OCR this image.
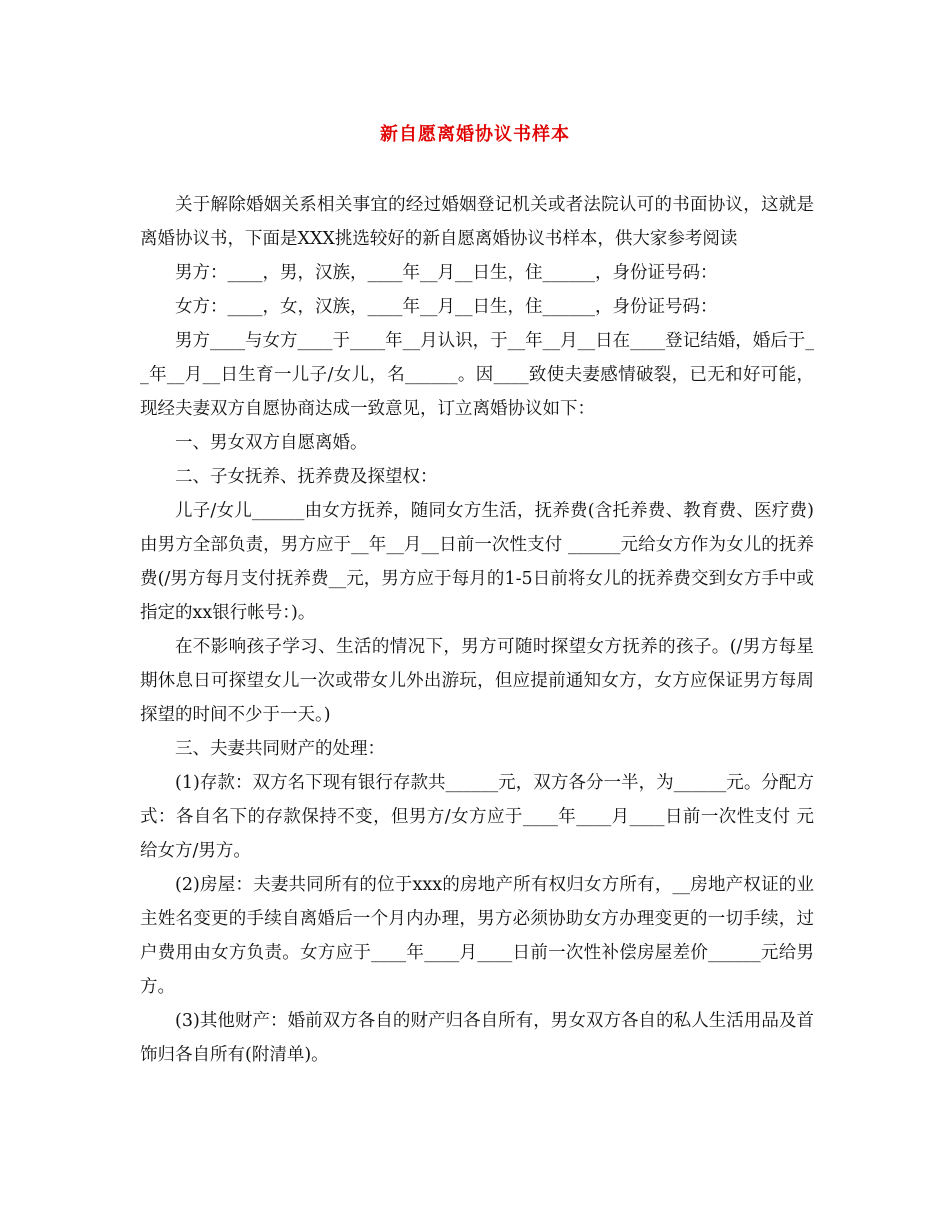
新自愿离婚协议书样本

关于解除婚姻关系相关事宜的经过婚姻登记机关或者法院认可的书面协议，这就是离婚协议书，下面是XXX挑选较好的新自愿离婚协议书样本，供大家参考阅读

男方：____，男，汉族，____年__月__日生，住______，身份证号码：

女方：____，女，汉族，____年__月__日生，住______，身份证号码：

男方____与女方____于____年__月认识，于__年__月__日在____登记结婚，婚后于__年__月__日生育一儿子/女儿，名______。因____致使夫妻感情破裂，已无和好可能，现经夫妻双方自愿协商达成一致意见，订立离婚协议如下：

一、男女双方自愿离婚。

二、子女抚养、抚养费及探望权：

儿子/女儿______由女方抚养，随同女方生活，抚养费(含托养费、教育费、医疗费)由男方全部负责，男方应于__年__月__日前一次性支付 ______元给女方作为女儿的抚养费(/男方每月支付抚养费__元，男方应于每月的1-5日前将女儿的抚养费交到女方手中或指定的xx银行帐号：)。

在不影响孩子学习、生活的情况下，男方可随时探望女方抚养的孩子。(/男方每星期休息日可探望女儿一次或带女儿外出游玩，但应提前通知女方，女方应保证男方每周探望的时间不少于一天。)

三、夫妻共同财产的处理：

(1)存款：双方名下现有银行存款共______元，双方各分一半，为______元。分配方式：各自名下的存款保持不变，但男方/女方应于____年____月____日前一次性支付 元给女方/男方。

(2)房屋：夫妻共同所有的位于xxx的房地产所有权归女方所有，__房地产权证的业主姓名变更的手续自离婚后一个月内办理，男方必须协助女方办理变更的一切手续，过户费用由女方负责。女方应于____年____月____日前一次性补偿房屋差价______元给男方。

(3)其他财产：婚前双方各自的财产归各自所有，男女双方各自的私人生活用品及首饰归各自所有(附清单)。
